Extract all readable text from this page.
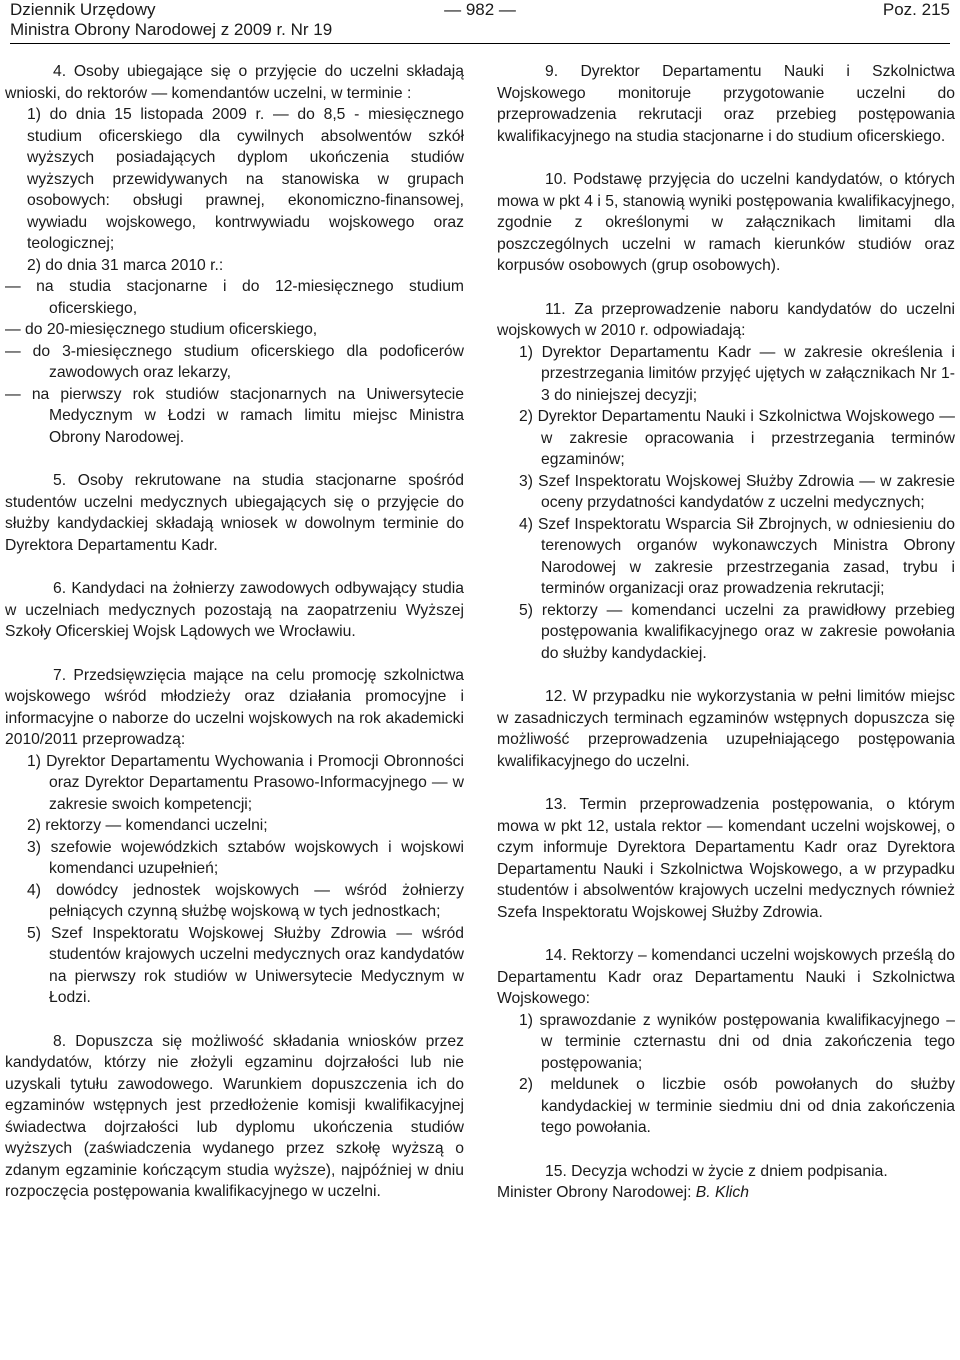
Dziennik Urzędowy
Ministra Obrony Narodowej z 2009 r. Nr 19
— 982 —	Poz. 215

4. Osoby ubiegające się o przyjęcie do uczelni składają wnioski, do rektorów — komendantów uczelni, w terminie :

1) do dnia 15 listopada 2009 r. — do 8,5 - miesięcznego studium oficerskiego dla cywilnych absolwentów szkół wyższych posiadających dyplom ukończenia studiów wyższych przewidywanych na stanowiska w grupach osobowych: obsługi prawnej, ekonomiczno-finansowej, wywiadu wojskowego, kontrwywiadu wojskowego oraz teologicznej;

2) do dnia 31 marca 2010 r.:

— na studia stacjonarne i do 12-miesięcznego studium oficerskiego,

— do 20-miesięcznego studium oficerskiego,

— do 3-miesięcznego studium oficerskiego dla podoficerów zawodowych oraz lekarzy,

— na pierwszy rok studiów stacjonarnych na Uniwersytecie Medycznym w Łodzi w ramach limitu miejsc Ministra Obrony Narodowej.

5. Osoby rekrutowane na studia stacjonarne spośród studentów uczelni medycznych ubiegających się o przyjęcie do służby kandydackiej składają wniosek w dowolnym terminie do Dyrektora Departamentu Kadr.

6. Kandydaci na żołnierzy zawodowych odbywający studia w uczelniach medycznych pozostają na zaopatrzeniu Wyższej Szkoły Oficerskiej Wojsk Lądowych we Wrocławiu.

7. Przedsięwzięcia mające na celu promocję szkolnictwa wojskowego wśród młodzieży oraz działania promocyjne i informacyjne o naborze do uczelni wojskowych na rok akademicki 2010/2011 przeprowadzą:

1) Dyrektor Departamentu Wychowania i Promocji Obronności oraz Dyrektor Departamentu Prasowo-Informacyjnego — w zakresie swoich kompetencji;

2) rektorzy — komendanci uczelni;

3) szefowie wojewódzkich sztabów wojskowych i wojskowi komendanci uzupełnień;

4) dowódcy jednostek wojskowych — wśród żołnierzy pełniących czynną służbę wojskową w tych jednostkach;

5) Szef Inspektoratu Wojskowej Służby Zdrowia — wśród studentów krajowych uczelni medycznych oraz kandydatów na pierwszy rok studiów w Uniwersytecie Medycznym w Łodzi.

8. Dopuszcza się możliwość składania wniosków przez kandydatów, którzy nie złożyli egzaminu dojrzałości lub nie uzyskali tytułu zawodowego. Warunkiem dopuszczenia ich do egzaminów wstępnych jest przedłożenie komisji kwalifikacyjnej świadectwa dojrzałości lub dyplomu ukończenia studiów wyższych (zaświadczenia wydanego przez szkołę wyższą o zdanym egzaminie kończącym studia wyższe), najpóźniej w dniu rozpoczęcia postępowania kwalifikacyjnego w uczelni.

9. Dyrektor Departamentu Nauki i Szkolnictwa Wojskowego monitoruje przygotowanie uczelni do przeprowadzenia rekrutacji oraz przebieg postępowania kwalifikacyjnego na studia stacjonarne i do studium oficerskiego.

10. Podstawę przyjęcia do uczelni kandydatów, o których mowa w pkt 4 i 5, stanowią wyniki postępowania kwalifikacyjnego, zgodnie z określonymi w załącznikach limitami dla poszczególnych uczelni w ramach kierunków studiów oraz korpusów osobowych (grup osobowych).

11. Za przeprowadzenie naboru kandydatów do uczelni wojskowych w 2010 r. odpowiadają:

1) Dyrektor Departamentu Kadr — w zakresie określenia i przestrzegania limitów przyjęć ujętych w załącznikach Nr 1-3 do niniejszej decyzji;

2) Dyrektor Departamentu Nauki i Szkolnictwa Wojskowego — w zakresie opracowania i przestrzegania terminów egzaminów;

3) Szef Inspektoratu Wojskowej Służby Zdrowia — w zakresie oceny przydatności kandydatów z uczelni medycznych;

4) Szef Inspektoratu Wsparcia Sił Zbrojnych, w odniesieniu do terenowych organów wykonawczych Ministra Obrony Narodowej w zakresie przestrzegania zasad, trybu i terminów organizacji oraz prowadzenia rekrutacji;

5) rektorzy — komendanci uczelni za prawidłowy przebieg postępowania kwalifikacyjnego oraz w zakresie powołania do służby kandydackiej.

12. W przypadku nie wykorzystania w pełni limitów miejsc w zasadniczych terminach egzaminów wstępnych dopuszcza się możliwość przeprowadzenia uzupełniającego postępowania kwalifikacyjnego do uczelni.

13. Termin przeprowadzenia postępowania, o którym mowa w pkt 12, ustala rektor — komendant uczelni wojskowej, o czym informuje Dyrektora Departamentu Kadr oraz Dyrektora Departamentu Nauki i Szkolnictwa Wojskowego, a w przypadku studentów i absolwentów krajowych uczelni medycznych również Szefa Inspektoratu Wojskowej Służby Zdrowia.

14. Rektorzy – komendanci uczelni wojskowych prześlą do Departamentu Kadr oraz Departamentu Nauki i Szkolnictwa Wojskowego:

1) sprawozdanie z wyników postępowania kwalifikacyjnego – w terminie czternastu dni od dnia zakończenia tego postępowania;

2) meldunek o liczbie osób powołanych do służby kandydackiej w terminie siedmiu dni od dnia zakończenia tego powołania.

15. Decyzja wchodzi w życie z dniem podpisania.

Minister Obrony Narodowej: B. Klich
